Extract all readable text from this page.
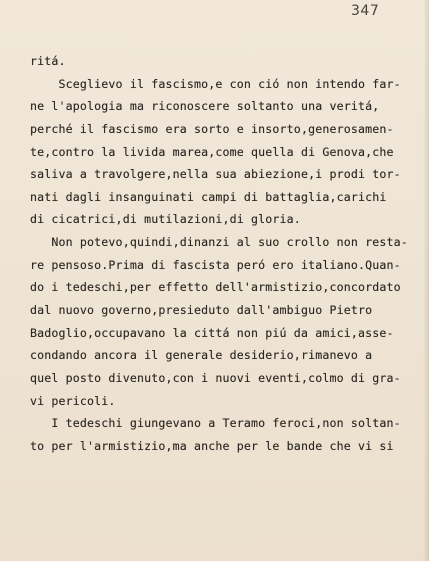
347
ritá.
Sceglievo il fascismo,e con ció non intendo far-
ne l'apologia ma riconoscere soltanto una veritá,
perché il fascismo era sorto e insorto,generosamen-
te,contro la livida marea,come quella di Genova,che
saliva a travolgere,nella sua abiezione,i prodi tor-
nati dagli insanguinati campi di battaglia,carichi
di cicatrici,di mutilazioni,di gloria.
Non potevo,quindi,dinanzi al suo crollo non resta-
re pensoso.Prima di fascista peró ero italiano.Quan-
do i tedeschi,per effetto dell'armistizio,concordato
dal nuovo governo,presieduto dall'ambiguo Pietro
Badoglio,occupavano la cittá non piú da amici,asse-
condando ancora il generale desiderio,rimanevo a
quel posto divenuto,con i nuovi eventi,colmo di gra-
vi pericoli.
I tedeschi giungevano a Teramo feroci,non soltan-
to per l'armistizio,ma anche per le bande che vi si
